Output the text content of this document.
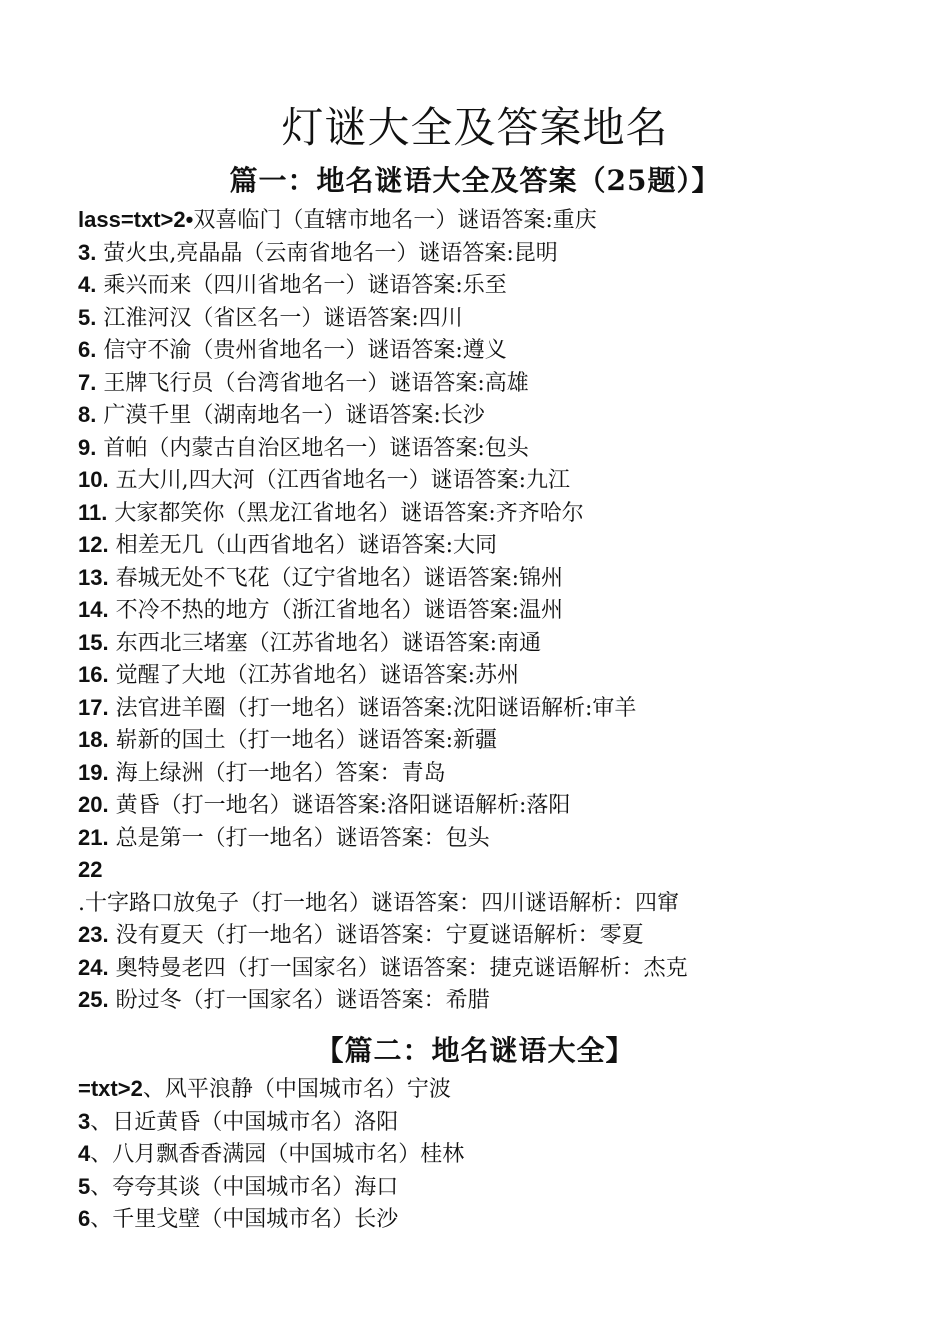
灯谜大全及答案地名
篇一：地名谜语大全及答案（25题）】
lass=txt>2•双喜临门（直辖市地名一）谜语答案:重庆
3. 萤火虫,亮晶晶（云南省地名一）谜语答案:昆明
4. 乘兴而来（四川省地名一）谜语答案:乐至
5. 江淮河汉（省区名一）谜语答案:四川
6. 信守不渝（贵州省地名一）谜语答案:遵义
7. 王牌飞行员（台湾省地名一）谜语答案:高雄
8. 广漠千里（湖南地名一）谜语答案:长沙
9. 首帕（内蒙古自治区地名一）谜语答案:包头
10. 五大川,四大河（江西省地名一）谜语答案:九江
11. 大家都笑你（黑龙江省地名）谜语答案:齐齐哈尔
12. 相差无几（山西省地名）谜语答案:大同
13. 春城无处不飞花（辽宁省地名）谜语答案:锦州
14. 不冷不热的地方（浙江省地名）谜语答案:温州
15. 东西北三堵塞（江苏省地名）谜语答案:南通
16. 觉醒了大地（江苏省地名）谜语答案:苏州
17. 法官进羊圈（打一地名）谜语答案:沈阳谜语解析:审羊
18. 崭新的国土（打一地名）谜语答案:新疆
19. 海上绿洲（打一地名）答案：青岛
20. 黄昏（打一地名）谜语答案:洛阳谜语解析:落阳
21. 总是第一（打一地名）谜语答案：包头
22
.十字路口放兔子（打一地名）谜语答案：四川谜语解析：四窜
23. 没有夏天（打一地名）谜语答案：宁夏谜语解析：零夏
24. 奥特曼老四（打一国家名）谜语答案：捷克谜语解析：杰克
25. 盼过冬（打一国家名）谜语答案：希腊
【篇二：地名谜语大全】
=txt>2、风平浪静（中国城市名）宁波
3、日近黄昏（中国城市名）洛阳
4、八月飘香香满园（中国城市名）桂林
5、夸夸其谈（中国城市名）海口
6、千里戈壁（中国城市名）长沙
